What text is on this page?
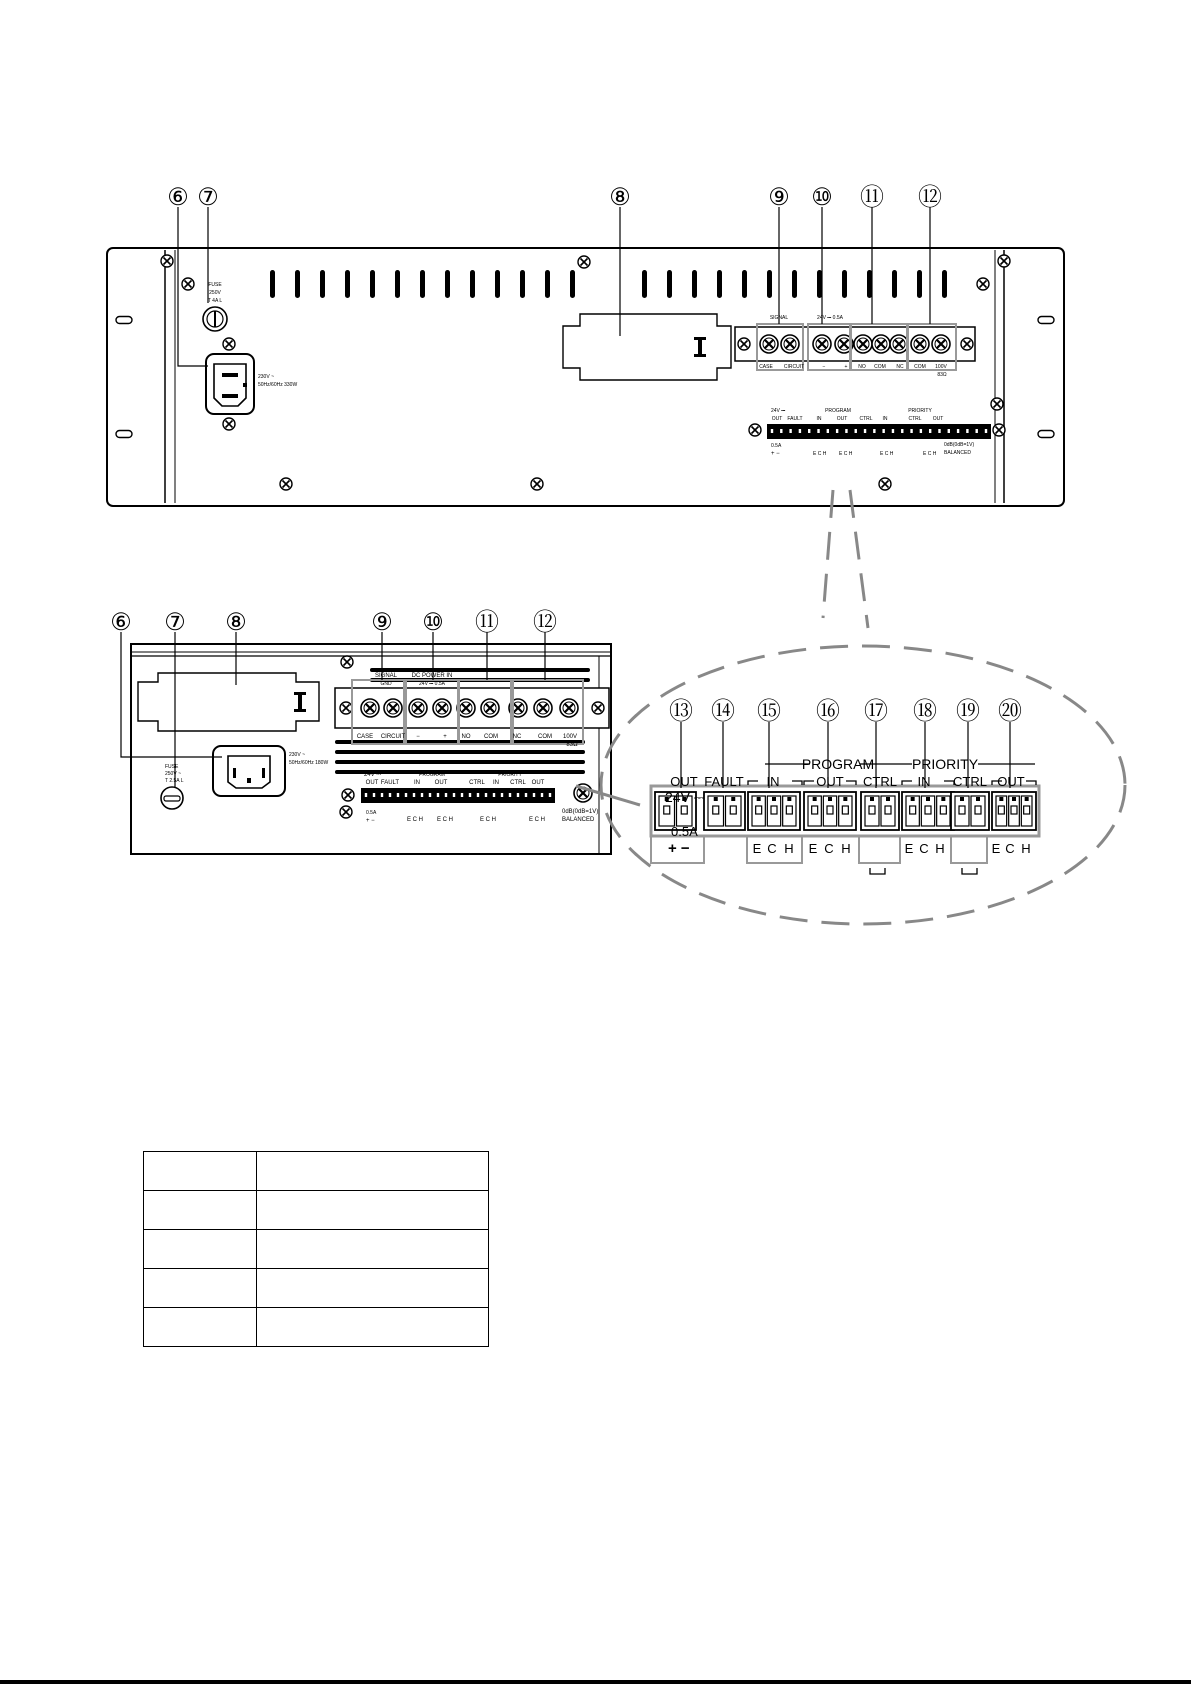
FUSE
250V
T 4A L
230V ~
50Hz/60Hz 330W
SIGNAL	24V ⎓ 0.5A
CASE CIRCUIT	−	+ NO COM NC COM 100V
83Ω
24V ⎓	PROGRAM	PRIORITY
OUT FAULT	IN	OUT CTRL IN	CTRL OUT
0.5A
+ −	E C H	E C H	E C H	E C H
0dB(0dB=1V)
BALANCED
⑥ ⑦	⑧	⑨ ⑩ ⑪ ⑫
230V ~
50Hz/60Hz 180W
FUSE
250V ~
T 2.5A L
SIGNAL
GND
DC POWER IN
24V ⎓ 0.5A
CASE CIRCUIT −	+ NO COM NC	COM 100V
83Ω
24V ⎓	PROGRAM	PRIORITY
OUT FAULT IN OUT	CTRL IN CTRL OUT
0.5A
+ −	E C H E C H	E C H	E C H
0dB(0dB=1V)
BALANCED
⑥ ⑦ ⑧	⑨ ⑩ ⑪ ⑫
24V ⎓
PROGRAM	PRIORITY
OUT FAULT IN	OUT CTRL IN CTRL OUT
0.5A
+ −	E C H E C H	E C H	E C H
⑬ ⑭ ⑮ ⑯ ⑰ ⑱ ⑲ ⑳
